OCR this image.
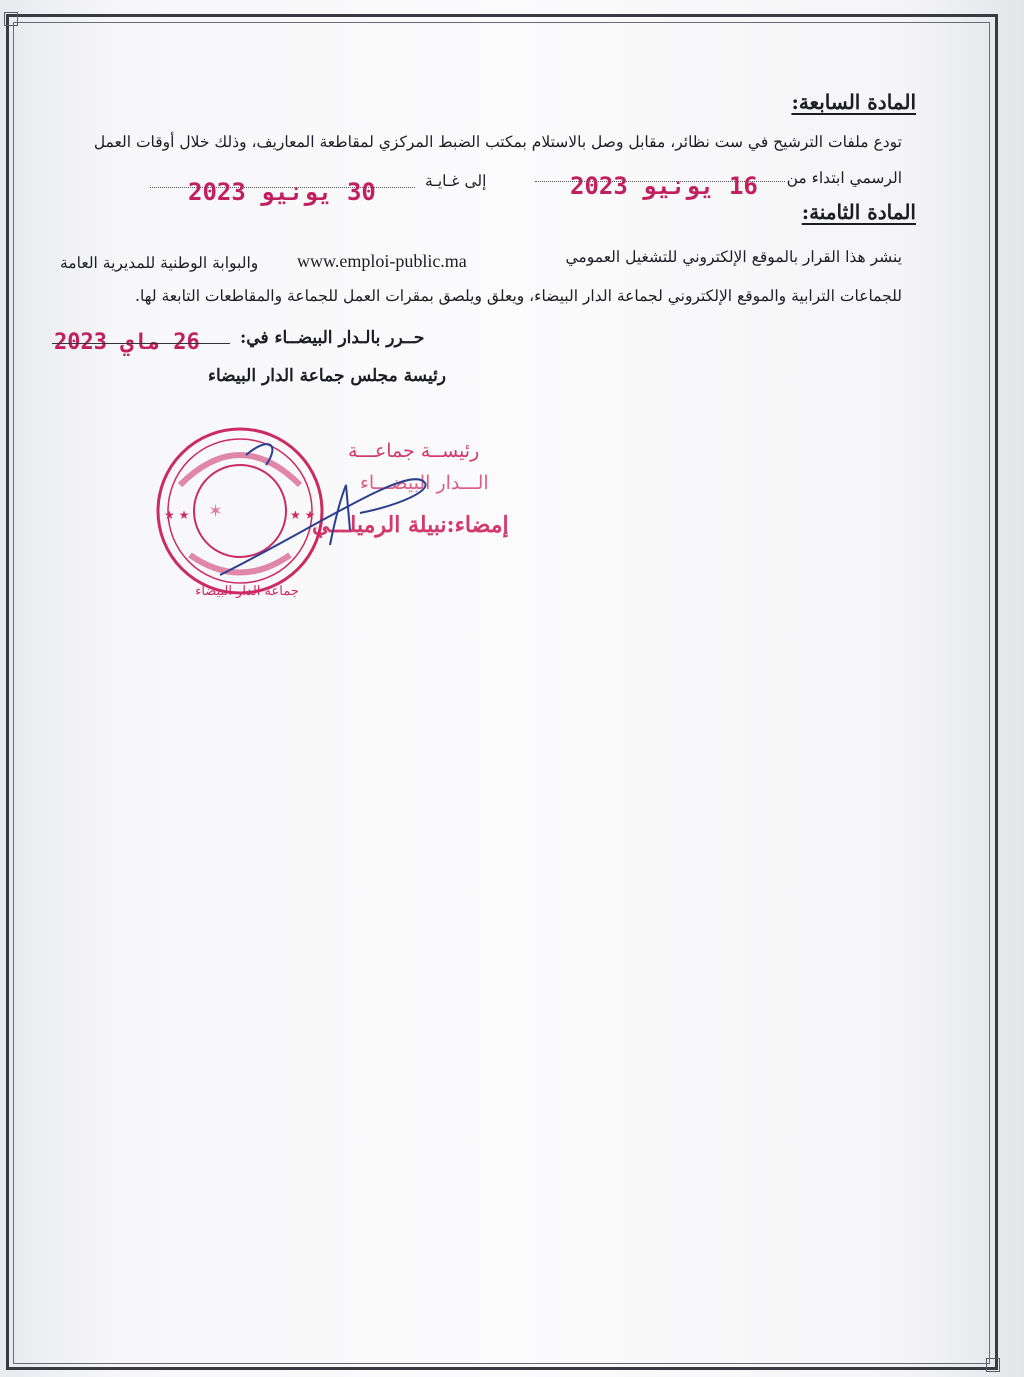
المادة السابعة:
تودع ملفات الترشيح في ست نظائر، مقابل وصل بالاستلام بمكتب الضبط المركزي لمقاطعة المعاريف، وذلك خلال أوقات العمل
الرسمي ابتداء من
إلى غـايـة	16 يونيو 2023
30 يونيو 2023
المادة الثامنة:
ينشر هذا القرار بالموقع الإلكتروني للتشغيل العمومي
www.emploi-public.ma
والبوابة الوطنية للمديرية العامة
للجماعات الترابية والموقع الإلكتروني لجماعة الدار البيضاء، ويعلق ويلصق بمقرات العمل للجماعة والمقاطعات التابعة لها.
حــرر بالـدار البيضــاء في:
26 ماي 2023
رئيسة مجلس جماعة الدار البيضاء
رئيســة جماعـــة
الـــدار البيضـــاء
إمضاء:نبيلة الرميلـــي
★ ★	★ ★
✶
جماعة الدار البيضاء
